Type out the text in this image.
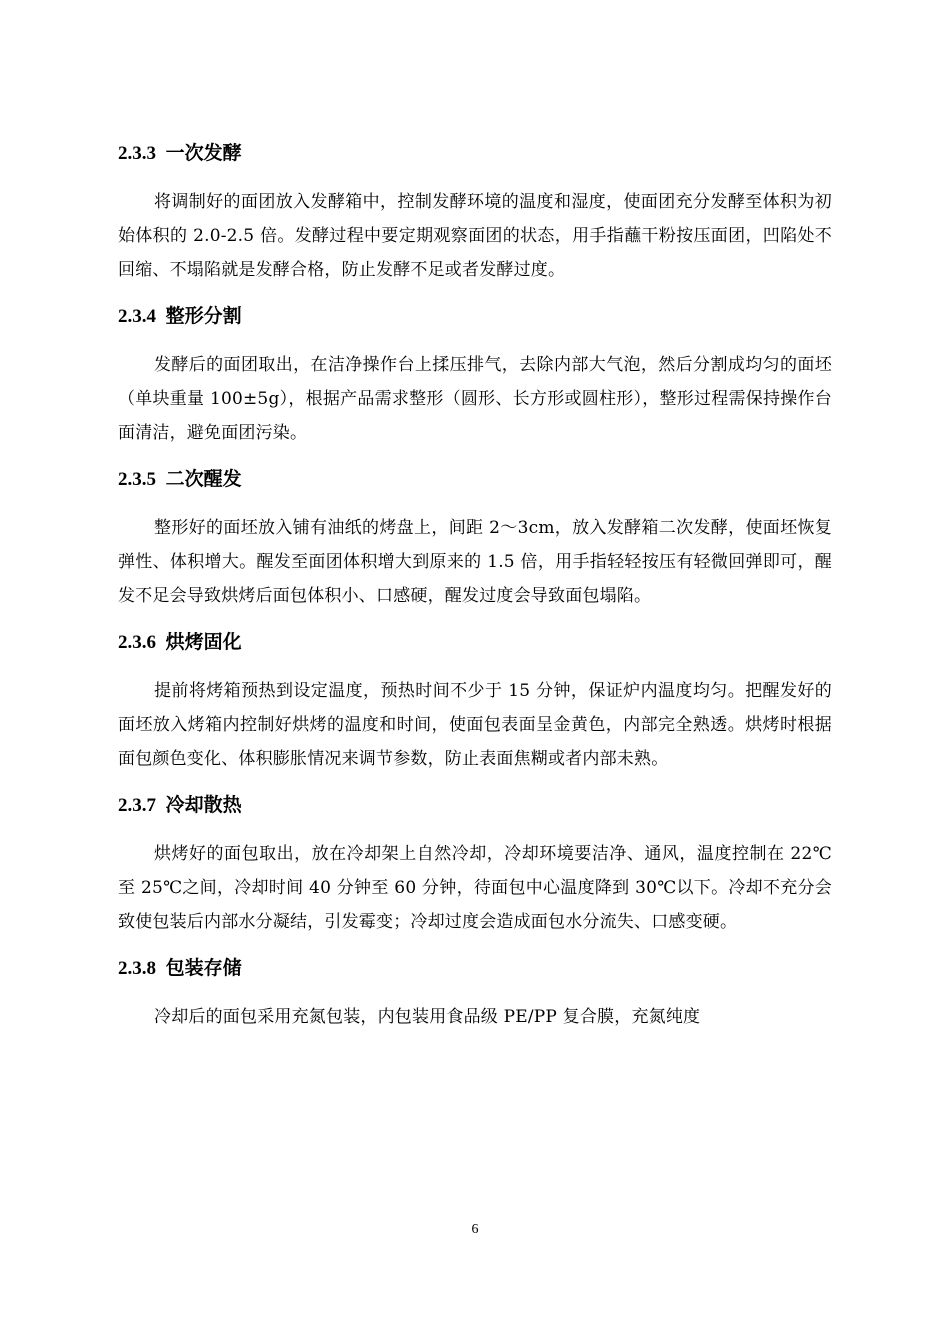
2.3.3 一次发酵

将调制好的面团放入发酵箱中，控制发酵环境的温度和湿度，使面团充分发酵至体积为初始体积的 2.0-2.5 倍。发酵过程中要定期观察面团的状态，用手指蘸干粉按压面团，凹陷处不回缩、不塌陷就是发酵合格，防止发酵不足或者发酵过度。

2.3.4 整形分割

发酵后的面团取出，在洁净操作台上揉压排气，去除内部大气泡，然后分割成均匀的面坯（单块重量 100±5g），根据产品需求整形（圆形、长方形或圆柱形），整形过程需保持操作台面清洁，避免面团污染。

2.3.5 二次醒发

整形好的面坯放入铺有油纸的烤盘上，间距 2～3cm，放入发酵箱二次发酵，使面坯恢复弹性、体积增大。醒发至面团体积增大到原来的 1.5 倍，用手指轻轻按压有轻微回弹即可，醒发不足会导致烘烤后面包体积小、口感硬，醒发过度会导致面包塌陷。

2.3.6 烘烤固化

提前将烤箱预热到设定温度，预热时间不少于 15 分钟，保证炉内温度均匀。把醒发好的面坯放入烤箱内控制好烘烤的温度和时间，使面包表面呈金黄色，内部完全熟透。烘烤时根据面包颜色变化、体积膨胀情况来调节参数，防止表面焦糊或者内部未熟。

2.3.7 冷却散热

烘烤好的面包取出，放在冷却架上自然冷却，冷却环境要洁净、通风，温度控制在 22℃至 25℃之间，冷却时间 40 分钟至 60 分钟，待面包中心温度降到 30℃以下。冷却不充分会致使包装后内部水分凝结，引发霉变；冷却过度会造成面包水分流失、口感变硬。

2.3.8 包装存储

冷却后的面包采用充氮包装，内包装用食品级 PE/PP 复合膜，充氮纯度

6
